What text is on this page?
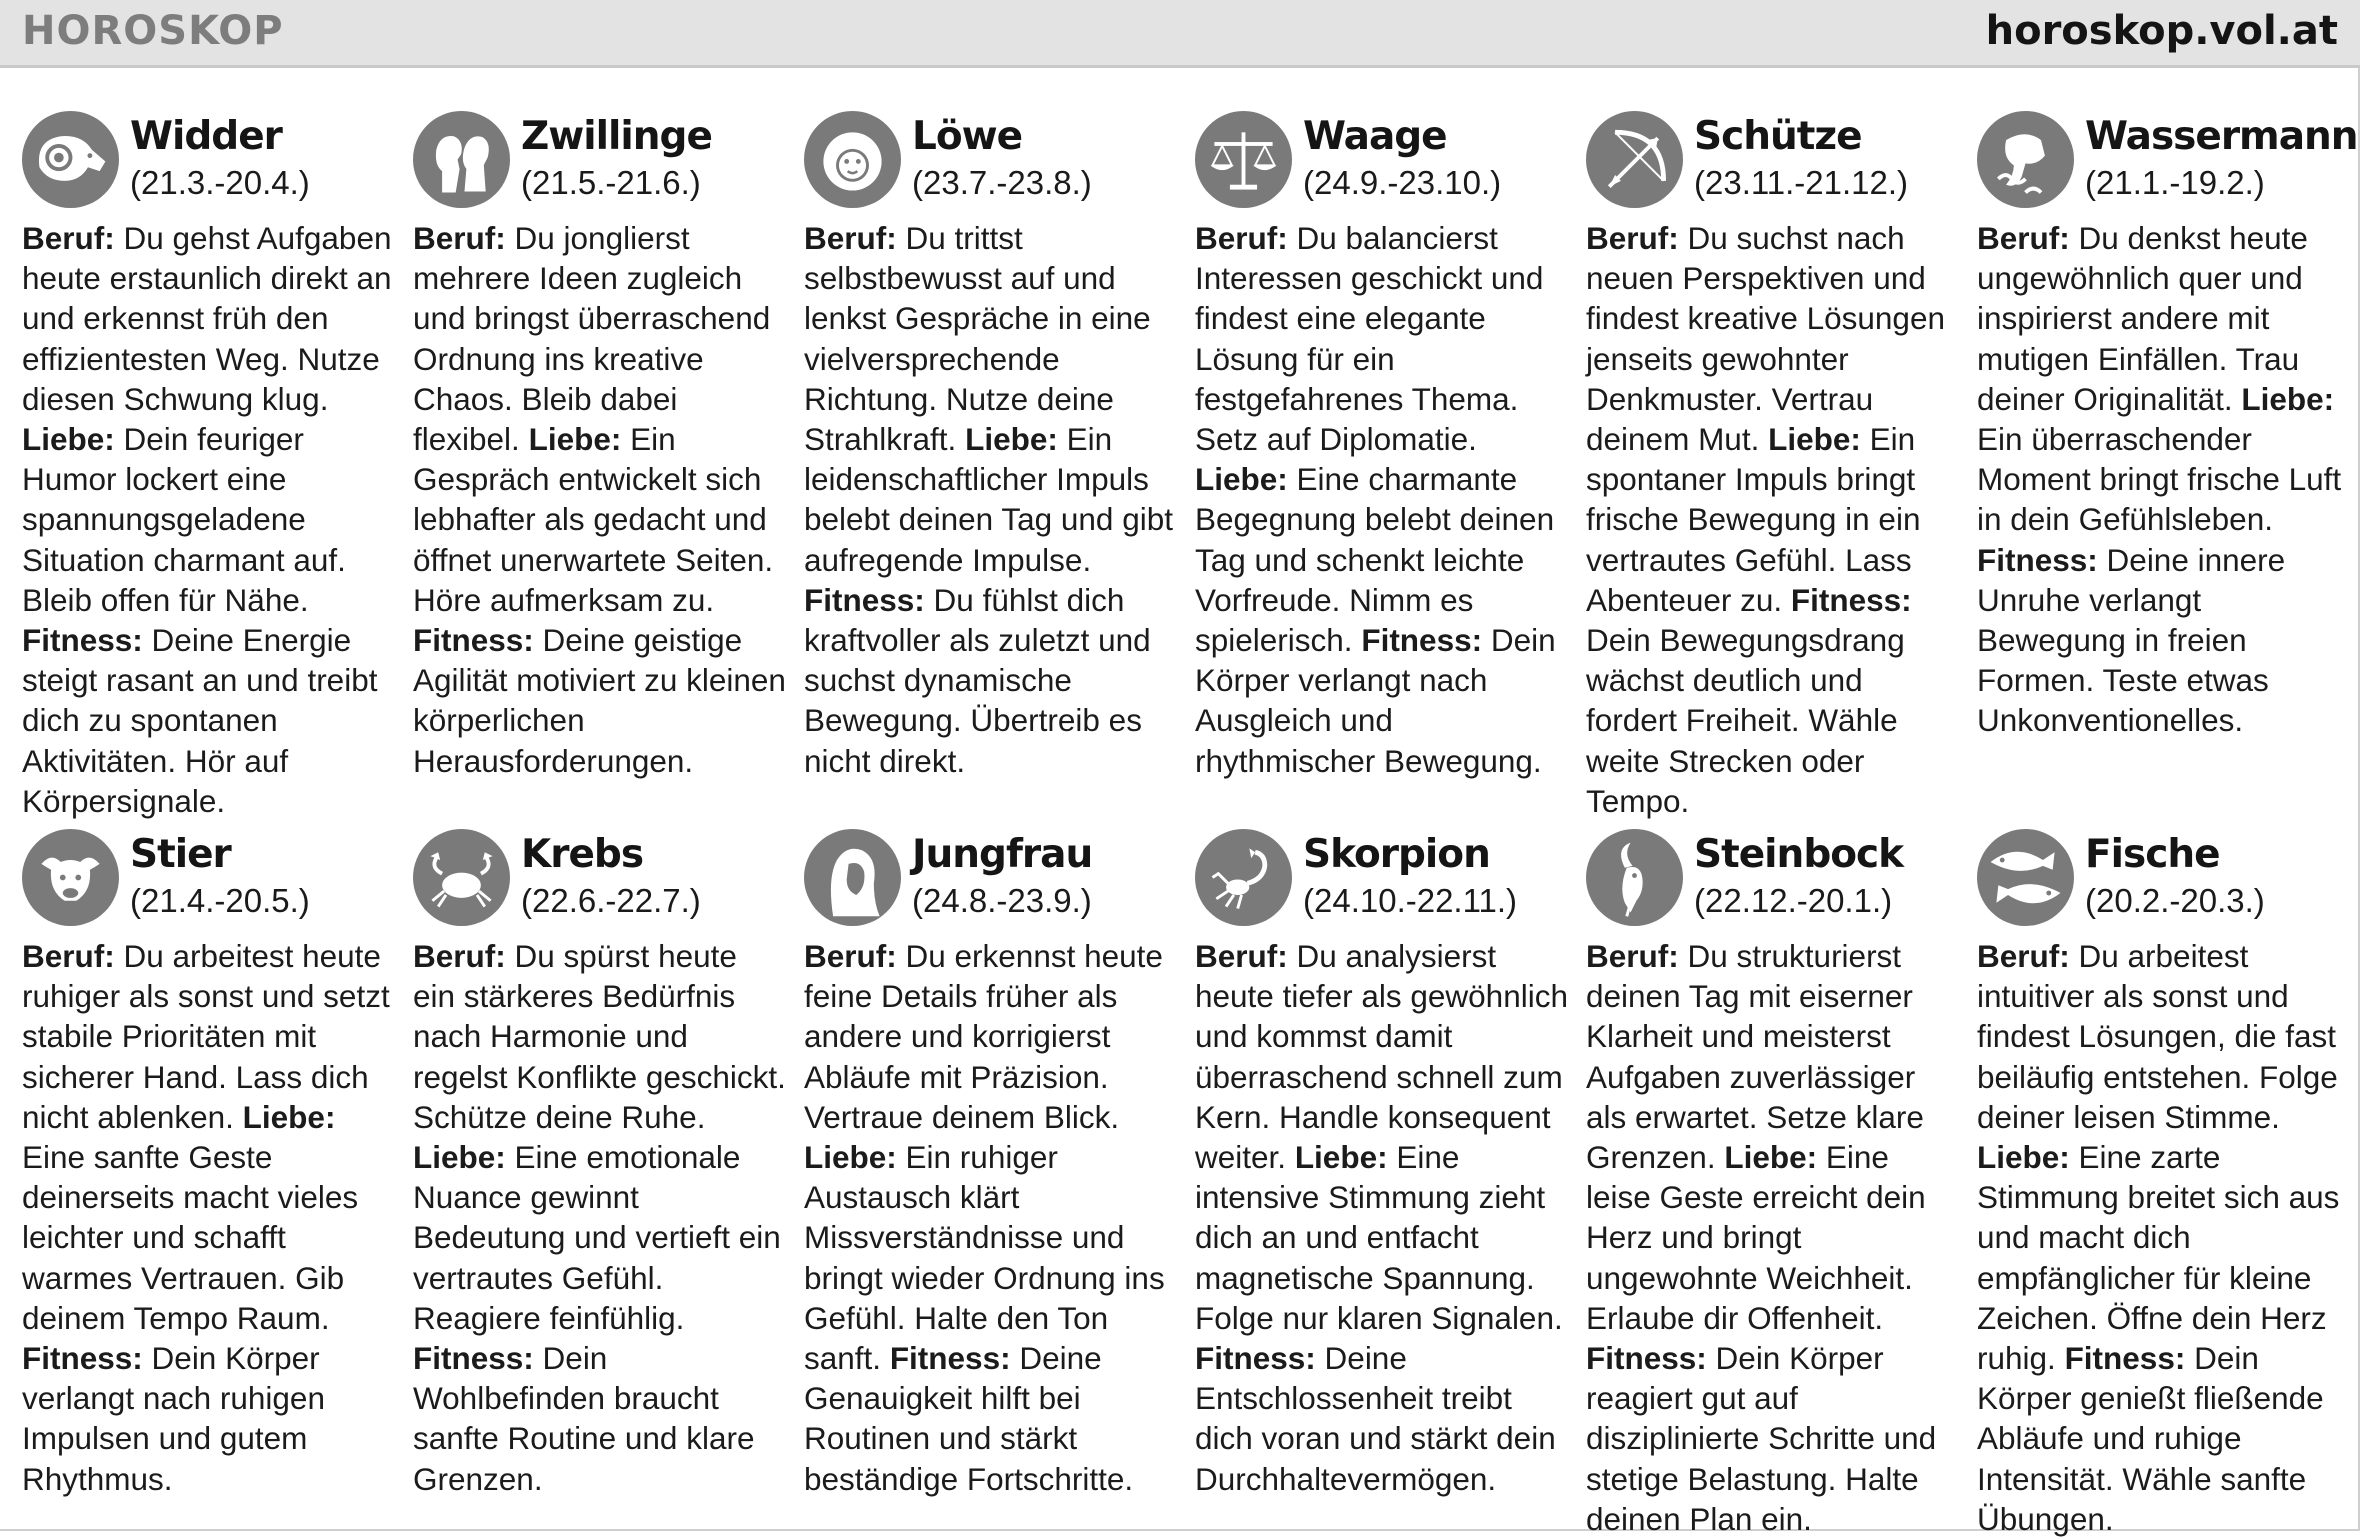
HOROSKOP	horoskop.vol.at
Widder
(21.3.-20.4.)

Beruf: Du gehst Aufgaben heute erstaunlich direkt an und erkennst früh den effizientesten Weg. Nutze diesen Schwung klug. Liebe: Dein feuriger Humor lockert eine spannungsgeladene Situation charmant auf. Bleib offen für Nähe. Fitness: Deine Energie steigt rasant an und treibt dich zu spontanen Aktivitäten. Hör auf Körpersignale.

Zwillinge
(21.5.-21.6.)

Beruf: Du jonglierst mehrere Ideen zugleich und bringst überraschend Ordnung ins kreative Chaos. Bleib dabei flexibel. Liebe: Ein Gespräch entwickelt sich lebhafter als gedacht und öffnet unerwartete Seiten. Höre aufmerksam zu. Fitness: Deine geistige Agilität motiviert zu kleinen körperlichen Herausforderungen.

Löwe
(23.7.-23.8.)

Beruf: Du trittst selbstbewusst auf und lenkst Gespräche in eine vielversprechende Richtung. Nutze deine Strahlkraft. Liebe: Ein leidenschaftlicher Impuls belebt deinen Tag und gibt aufregende Impulse. Fitness: Du fühlst dich kraftvoller als zuletzt und suchst dynamische Bewegung. Übertreib es nicht direkt.

Waage
(24.9.-23.10.)

Beruf: Du balancierst Interessen geschickt und findest eine elegante Lösung für ein festgefahrenes Thema. Setz auf Diplomatie. Liebe: Eine charmante Begegnung belebt deinen Tag und schenkt leichte Vorfreude. Nimm es spielerisch. Fitness: Dein Körper verlangt nach Ausgleich und rhythmischer Bewegung.

Schütze
(23.11.-21.12.)

Beruf: Du suchst nach neuen Perspektiven und findest kreative Lösungen jenseits gewohnter Denkmuster. Vertrau deinem Mut. Liebe: Ein spontaner Impuls bringt frische Bewegung in ein vertrautes Gefühl. Lass Abenteuer zu. Fitness: Dein Bewegungsdrang wächst deutlich und fordert Freiheit. Wähle weite Strecken oder Tempo.

Wassermann
(21.1.-19.2.)

Beruf: Du denkst heute ungewöhnlich quer und inspirierst andere mit mutigen Einfällen. Trau deiner Originalität. Liebe: Ein überraschender Moment bringt frische Luft in dein Gefühlsleben. Fitness: Deine innere Unruhe verlangt Bewegung in freien Formen. Teste etwas Unkonventionelles.

Stier
(21.4.-20.5.)

Beruf: Du arbeitest heute ruhiger als sonst und setzt stabile Prioritäten mit sicherer Hand. Lass dich nicht ablenken. Liebe: Eine sanfte Geste deinerseits macht vieles leichter und schafft warmes Vertrauen. Gib deinem Tempo Raum. Fitness: Dein Körper verlangt nach ruhigen Impulsen und gutem Rhythmus.

Krebs
(22.6.-22.7.)

Beruf: Du spürst heute ein stärkeres Bedürfnis nach Harmonie und regelst Konflikte geschickt. Schütze deine Ruhe. Liebe: Eine emotionale Nuance gewinnt Bedeutung und vertieft ein vertrautes Gefühl. Reagiere feinfühlig. Fitness: Dein Wohlbefinden braucht sanfte Routine und klare Grenzen.

Jungfrau
(24.8.-23.9.)

Beruf: Du erkennst heute feine Details früher als andere und korrigierst Abläufe mit Präzision. Vertraue deinem Blick. Liebe: Ein ruhiger Austausch klärt Missverständnisse und bringt wieder Ordnung ins Gefühl. Halte den Ton sanft. Fitness: Deine Genauigkeit hilft bei Routinen und stärkt beständige Fortschritte.

Skorpion
(24.10.-22.11.)

Beruf: Du analysierst heute tiefer als gewöhnlich und kommst damit überraschend schnell zum Kern. Handle konsequent weiter. Liebe: Eine intensive Stimmung zieht dich an und entfacht magnetische Spannung. Folge nur klaren Signalen. Fitness: Deine Entschlossenheit treibt dich voran und stärkt dein Durchhaltevermögen.

Steinbock
(22.12.-20.1.)

Beruf: Du strukturierst deinen Tag mit eiserner Klarheit und meisterst Aufgaben zuverlässiger als erwartet. Setze klare Grenzen. Liebe: Eine leise Geste erreicht dein Herz und bringt ungewohnte Weichheit. Erlaube dir Offenheit. Fitness: Dein Körper reagiert gut auf disziplinierte Schritte und stetige Belastung. Halte deinen Plan ein.

Fische
(20.2.-20.3.)

Beruf: Du arbeitest intuitiver als sonst und findest Lösungen, die fast beiläufig entstehen. Folge deiner leisen Stimme. Liebe: Eine zarte Stimmung breitet sich aus und macht dich empfänglicher für kleine Zeichen. Öffne dein Herz ruhig. Fitness: Dein Körper genießt fließende Abläufe und ruhige Intensität. Wähle sanfte Übungen.
